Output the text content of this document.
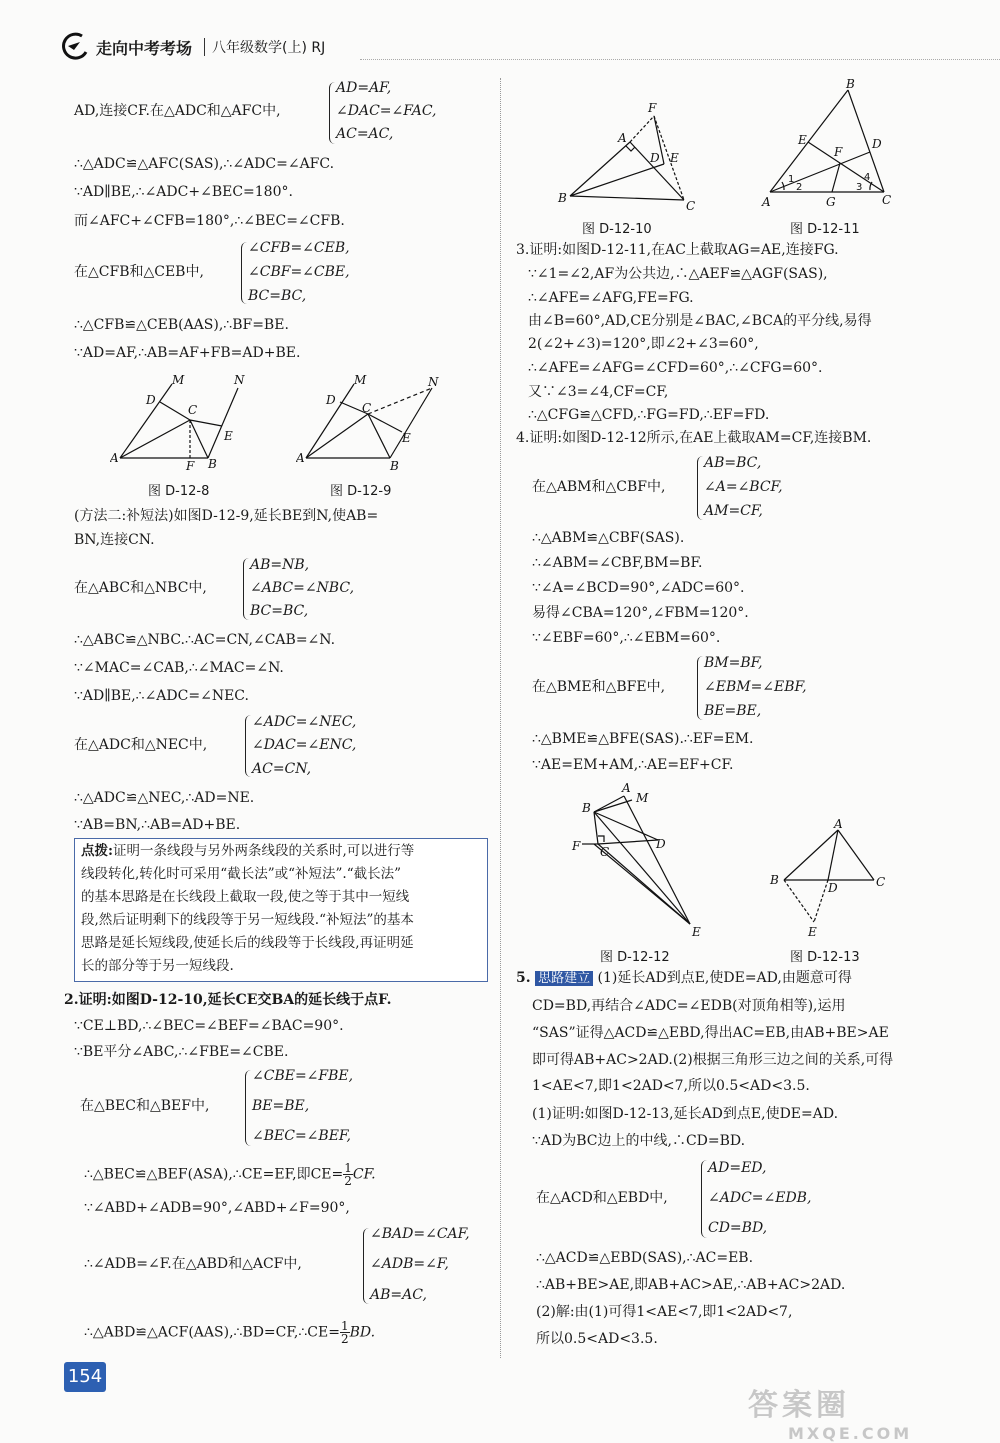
走向中考考场 八年级数学(上) RJ
AD=AF,
AD,连接CF.在△ADC和△AFC中,	∠DAC=∠FAC,
AC=AC,
∴△ADC≌△AFC(SAS),∴∠ADC=∠AFC.
∵AD∥BE,∴∠ADC+∠BEC=180°.
而∠AFC+∠CFB=180°,∴∠BEC=∠CFB.
∠CFB=∠CEB,
在△CFB和△CEB中,	∠CBF=∠CBE,
BC=BC,
∴△CFB≌△CEB(AAS),∴BF=BE.
∵AD=AF,∴AB=AF+FB=AD+BE.
A	B
C
D
E
F
M	N
图 D-12-8
A
B
C
D
E
M	N
图 D-12-9
(方法二:补短法)如图D-12-9,延长BE到N,使AB=
BN,连接CN.
AB=NB,
在△ABC和△NBC中,	∠ABC=∠NBC,
BC=BC,
∴△ABC≌△NBC.∴AC=CN,∠CAB=∠N.
∵∠MAC=∠CAB,∴∠MAC=∠N.
∵AD∥BE,∴∠ADC=∠NEC.
∠ADC=∠NEC,
在△ADC和△NEC中,	∠DAC=∠ENC,
AC=CN,
∴△ADC≌△NEC,∴AD=NE.
∵AB=BN,∴AB=AD+BE.
点拨:证明一条线段与另外两条线段的关系时,可以进行等
线段转化,转化时可采用“截长法”或“补短法”.“截长法”
的基本思路是在长线段上截取一段,使之等于其中一短线
段,然后证明剩下的线段等于另一短线段.“补短法”的基本
思路是延长短线段,使延长后的线段等于长线段,再证明延
长的部分等于另一短线段.
2.证明:如图D-12-10,延长CE交BA的延长线于点F.
∵CE⊥BD,∴∠BEC=∠BEF=∠BAC=90°.
∵BE平分∠ABC,∴∠FBE=∠CBE.
∠CBE=∠FBE,
在△BEC和△BEF中,	BE=BE,
∠BEC=∠BEF,
∴△BEC≌△BEF(ASA),∴CE=EF,即$CE= \frac{1}{2}$ CF.
∵∠ABD+∠ADB=90°,∠ABD+∠F=90°,
∠BAD=∠CAF,
∴∠ADB=∠F.在△ABD和△ACF中,	∠ADB=∠F,
AB=AC,
∴△ABD≌△ACF(AAS),∴BD=CF,∴CE= $\frac{1}{2}$ BD.
A
B
C
D E
F
图 D-12-10
A
B
C
D
E
F
G
1
2	3
4
图 D-12-11
3.证明:如图D-12-11,在AC上截取AG=AE,连接FG.
∵∠1=∠2,AF为公共边,∴△AEF≌△AGF(SAS),
∴∠AFE=∠AFG,FE=FG.
由∠B=60°,AD,CE分别是∠BAC,∠BCA的平分线,易得
2(∠2+∠3)=120°,即∠2+∠3=60°,
∴∠AFE=∠AFG=∠CFD=60°,∴∠CFG=60°.
又∵∠3=∠4,CF=CF,
∴△CFG≌△CFD,∴FG=FD,∴EF=FD.
4.证明:如图D-12-12所示,在AE上截取AM=CF,连接BM.
AB=BC,
在△ABM和△CBF中,	∠A=∠BCF,
AM=CF,
∴△ABM≌△CBF(SAS).
∴∠ABM=∠CBF,BM=BF.
∵∠A=∠BCD=90°,∠ADC=60°.
易得∠CBA=120°,∠FBM=120°.
∵∠EBF=60°,∴∠EBM=60°.
BM=BF,
在△BME和△BFE中,	∠EBM=∠EBF,
BE=BE,
∴△BME≌△BFE(SAS).∴EF=EM.
∵AE=EM+AM,∴AE=EF+CF.
A
B
C
D
E
F
M
图 D-12-12
A
B	C
D
E
图 D-12-13
5. 思路建立 (1)延长AD到点E,使DE=AD,由题意可得
CD=BD,再结合∠ADC=∠EDB(对顶角相等),运用
“SAS”证得△ACD≌△EBD,得出AC=EB,由AB+BE>AE
即可得AB+AC>2AD.(2)根据三角形三边之间的关系,可得
1<AE<7,即1<2AD<7,所以0.5<AD<3.5.
(1)证明:如图D-12-13,延长AD到点E,使DE=AD.
∵AD为BC边上的中线,∴CD=BD.
AD=ED,
在△ACD和△EBD中,	∠ADC=∠EDB,
CD=BD,
∴△ACD≌△EBD(SAS),∴AC=EB.
∴AB+BE>AE,即AB+AC>AE,∴AB+AC>2AD.
(2)解:由(1)可得1<AE<7,即1<2AD<7,
所以0.5<AD<3.5.
154
答案圈
MXQE.COM
